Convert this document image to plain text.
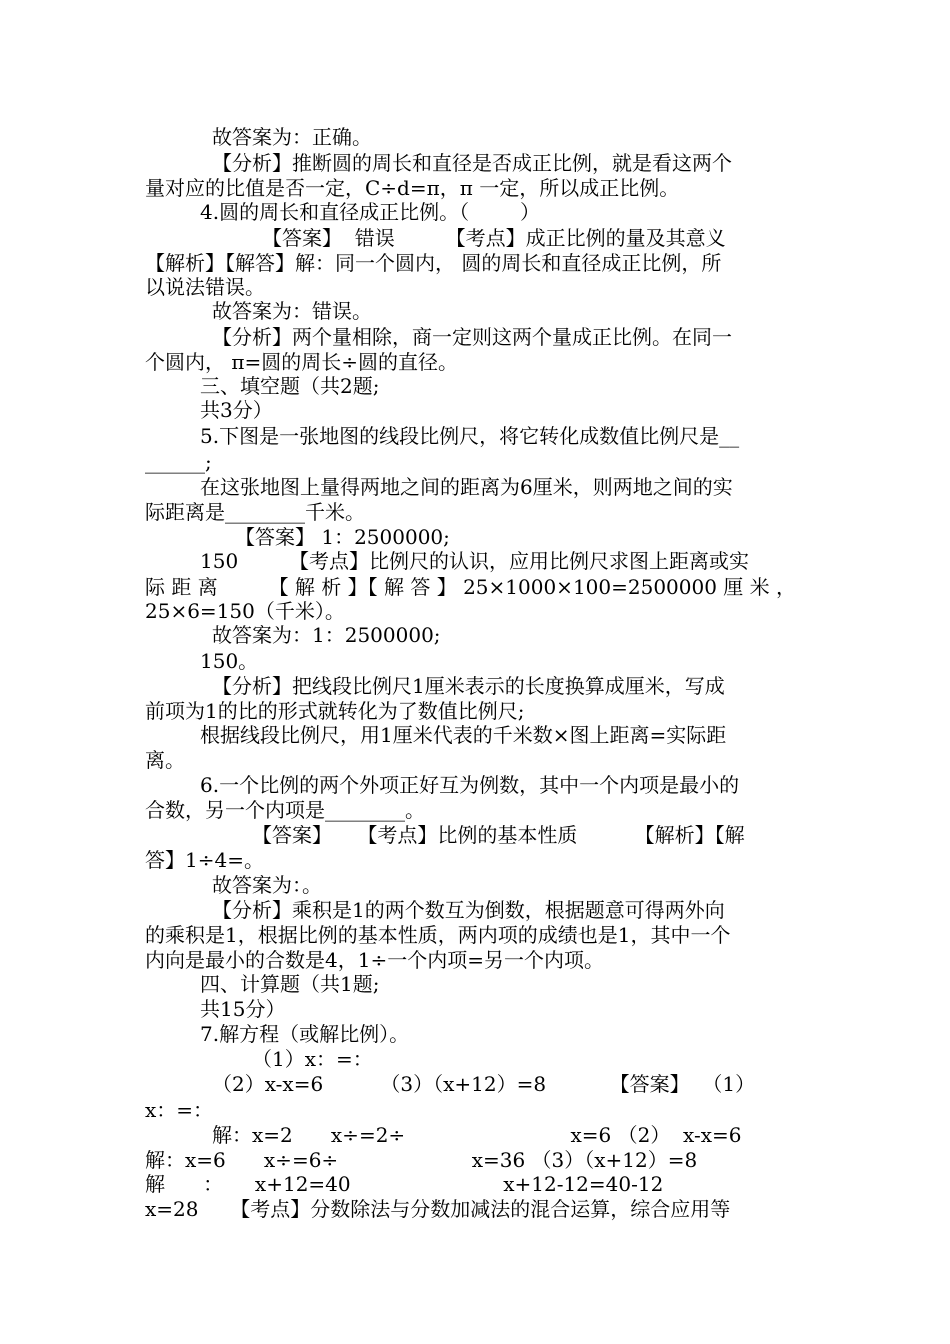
故答案为：正确。
【分析】推断圆的周长和直径是否成正比例，就是看这两个
量对应的比值是否一定，C÷d=π，π 一定，所以成正比例。
4.圆的周长和直径成正比例。（        ）
【答案】  错误        【考点】成正比例的量及其意义
【解析】【解答】解：同一个圆内， 圆的周长和直径成正比例，所
以说法错误。
故答案为：错误。
【分析】两个量相除，商一定则这两个量成正比例。在同一
个圆内， π=圆的周长÷圆的直径。
三、填空题（共2题;
共3分）
5.下图是一张地图的线段比例尺，将它转化成数值比例尺是__
______;
在这张地图上量得两地之间的距离为6厘米，则两地之间的实
际距离是________千米。
【答案】 1：2500000;
150        【考点】比例尺的认识，应用比例尺求图上距离或实
际 距 离        【 解 析 】【 解 答 】 25×1000×100=2500000 厘 米 ，
25×6=150（千米）。
故答案为：1：2500000;
150。
【分析】把线段比例尺1厘米表示的长度换算成厘米，写成
前项为1的比的形式就转化为了数值比例尺;
根据线段比例尺，用1厘米代表的千米数×图上距离=实际距
离。
6.一个比例的两个外项正好互为例数，其中一个内项是最小的
合数，另一个内项是________。
【答案】    【考点】比例的基本性质         【解析】【解
答】1÷4=。
故答案为：。
【分析】乘积是1的两个数互为倒数，根据题意可得两外向
的乘积是1，根据比例的基本性质，两内项的成绩也是1，其中一个
内向是最小的合数是4，1÷一个内项=另一个内项。
四、计算题（共1题;
共15分）
7.解方程（或解比例）。
（1）x：=：
（2）x-x=6         （3）（x+12）=8          【答案】  （1）
x：=：
解：x=2      x÷=2÷                          x=6 （2）  x-x=6
解：x=6      x÷=6÷                     x=36 （3）（x+12）=8
解      ：     x+12=40                        x+12-12=40-12
x=28     【考点】分数除法与分数加减法的混合运算，综合应用等
